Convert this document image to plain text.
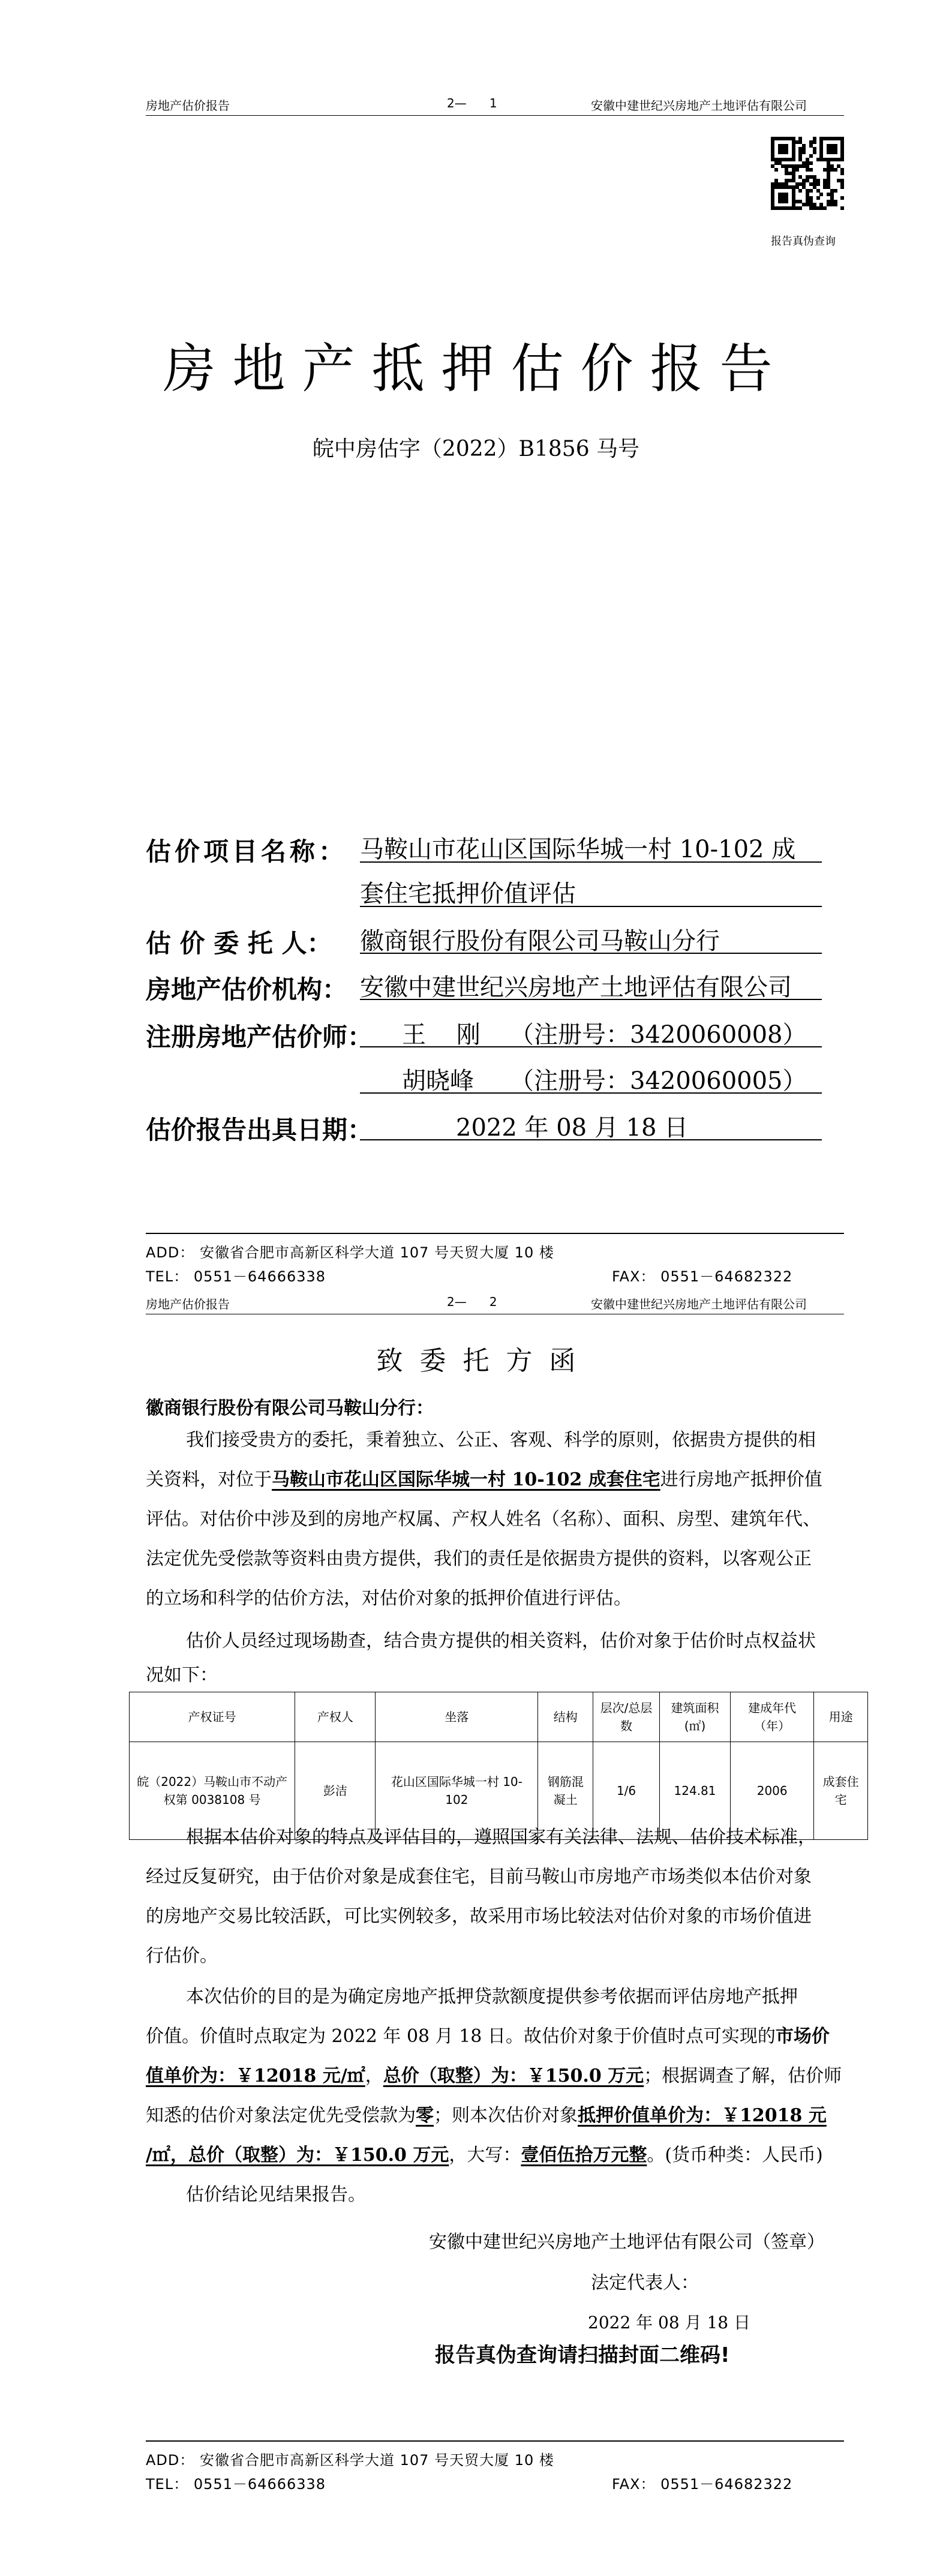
房地产估价报告	2—      1	安徽中建世纪兴房地产土地评估有限公司
报告真伪查询
房地产抵押估价报告
皖中房估字（2022）B1856 马号
估价项目名称： 马鞍山市花山区国际华城一村 10-102 成
套住宅抵押价值评估
估 价 委 托 人： 徽商银行股份有限公司马鞍山分行
房地产估价机构： 安徽中建世纪兴房地产土地评估有限公司
注册房地产估价师： 王    刚 （注册号：3420060008）
胡晓峰 （注册号：3420060005）
估价报告出具日期：	2022 年 08 月 18 日
ADD： 安徽省合肥市高新区科学大道 107 号天贸大厦 10 楼
TEL： 0551－64666338	FAX： 0551－64682322
房地产估价报告	2—      2	安徽中建世纪兴房地产土地评估有限公司
致  委  托  方  函
徽商银行股份有限公司马鞍山分行：
我们接受贵方的委托，秉着独立、公正、客观、科学的原则，依据贵方提供的相
关资料，对位于马鞍山市花山区国际华城一村 10-102 成套住宅进行房地产抵押价值
评估。对估价中涉及到的房地产权属、产权人姓名（名称）、面积、房型、建筑年代、
法定优先受偿款等资料由贵方提供，我们的责任是依据贵方提供的资料，以客观公正
的立场和科学的估价方法，对估价对象的抵押价值进行评估。
估价人员经过现场勘查，结合贵方提供的相关资料，估价对象于估价时点权益状
况如下：
产权证号	产权人	坐落	结构	层次/总层数	建筑面积(㎡)	建成年代（年）	用途
皖（2022）马鞍山市不动产权第 0038108 号	彭洁	花山区国际华城一村 10-102	钢筋混凝土	1/6	124.81	2006	成套住宅
根据本估价对象的特点及评估目的，遵照国家有关法律、法规、估价技术标准，
经过反复研究，由于估价对象是成套住宅，目前马鞍山市房地产市场类似本估价对象
的房地产交易比较活跃，可比实例较多，故采用市场比较法对估价对象的市场价值进
行估价。
本次估价的目的是为确定房地产抵押贷款额度提供参考依据而评估房地产抵押
价值。价值时点取定为 2022 年 08 月 18 日。故估价对象于价值时点可实现的市场价
值单价为：￥12018 元/㎡，总价（取整）为：￥150.0 万元；根据调查了解，估价师
知悉的估价对象法定优先受偿款为零；则本次估价对象抵押价值单价为：￥12018 元
/㎡，总价（取整）为：￥150.0 万元，大写：壹佰伍拾万元整。(货币种类：人民币)
估价结论见结果报告。
安徽中建世纪兴房地产土地评估有限公司（签章）
法定代表人：
2022 年 08 月 18 日
报告真伪查询请扫描封面二维码!
ADD： 安徽省合肥市高新区科学大道 107 号天贸大厦 10 楼
TEL： 0551－64666338	FAX： 0551－64682322
